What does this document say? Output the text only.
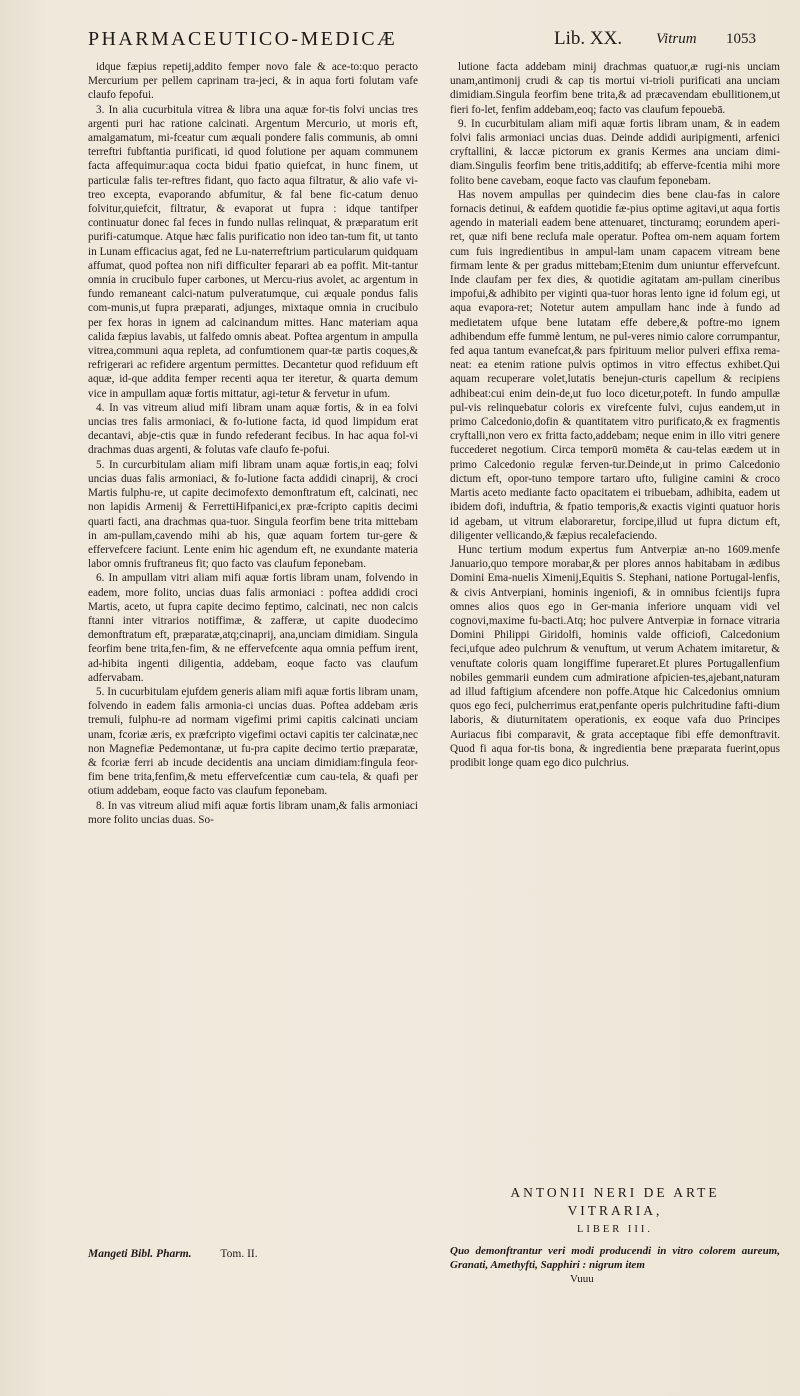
PHARMACEUTICO-MEDICÆ	Lib. XX. Vitrum 1053

idque fæpius repetij,addito femper novo fale & ace-to:quo peracto Mercurium per pellem caprinam tra-jeci, & in aqua forti folutam vafe claufo fepofui.

3. In alia cucurbitula vitrea & libra una aquæ for-tis folvi uncias tres argenti puri hac ratione calcinati. Argentum Mercurio, ut moris eft, amalgamatum, mi-fceatur cum æquali pondere falis communis, ab omni terreftri fubftantia purificati, id quod folutione per aquam communem facta affequimur:aqua cocta bidui fpatio quiefcat, in hunc finem, ut particulæ falis ter-reftres fidant, quo facto aqua filtratur, & alio vafe vi-treo excepta, evaporando abfumitur, & fal bene fic-catum denuo folvitur,quiefcit, filtratur, & evaporat ut fupra : idque tantifper continuatur donec fal feces in fundo nullas relinquat, & præparatum erit purifi-catumque. Atque hæc falis purificatio non ideo tan-tum fit, ut tanto in Lunam efficacius agat, fed ne Lu-naterreftrium particularum quidquam affumat, quod poftea non nifi difficulter feparari ab ea poffit. Mit-tantur omnia in crucibulo fuper carbones, ut Mercu-rius avolet, ac argentum in fundo remaneant calci-natum pulveratumque, cui æquale pondus falis com-munis,ut fupra præparati, adjunges, mixtaque omnia in crucibulo per fex horas in ignem ad calcinandum mittes. Hanc materiam aqua calida fæpius lavabis, ut falfedo omnis abeat. Poftea argentum in ampulla vitrea,communi aqua repleta, ad confumtionem quar-tæ partis coques,& refrigerari ac refidere argentum permittes. Decantetur quod refiduum eft aquæ, id-que addita femper recenti aqua ter iteretur, & quarta demum vice in ampullam aquæ fortis mittatur, agi-tetur & fervetur in ufum.

4. In vas vitreum aliud mifi libram unam aquæ fortis, & in ea folvi uncias tres falis armoniaci, & fo-lutione facta, id quod limpidum erat decantavi, abje-ctis quæ in fundo refederant fecibus. In hac aqua fol-vi drachmas duas argenti, & folutas vafe claufo fe-pofui.

5. In curcurbitulam aliam mifi libram unam aquæ fortis,in eaq; folvi uncias duas falis armoniaci, & fo-lutione facta addidi cinaprij, & croci Martis fulphu-re, ut capite decimofexto demonftratum eft, calcinati, nec non lapidis Armenij & FerrettiHifpanici,ex præ-fcripto capitis decimi quarti facti, ana drachmas qua-tuor. Singula feorfim bene trita mittebam in am-pullam,cavendo mihi ab his, quæ aquam fortem tur-gere & effervefcere faciunt. Lente enim hic agendum eft, ne exundante materia labor omnis fruftraneus fit; quo facto vas claufum feponebam.

6. In ampullam vitri aliam mifi aquæ fortis libram unam, folvendo in eadem, more folito, uncias duas falis armoniaci : poftea addidi croci Martis, aceto, ut fupra capite decimo feptimo, calcinati, nec non calcis ftanni inter vitrarios notiffimæ, & zafferæ, ut capite duodecimo demonftratum eft, præparatæ,atq;cinaprij, ana,unciam dimidiam. Singula feorfim bene trita,fen-fim, & ne effervefcente aqua omnia peffum irent, ad-hibita ingenti diligentia, addebam, eoque facto vas claufum adfervabam.

5. In cucurbitulam ejufdem generis aliam mifi aquæ fortis libram unam, folvendo in eadem falis armonia-ci uncias duas. Poftea addebam æris tremuli, fulphu-re ad normam vigefimi primi capitis calcinati unciam unam, fcoriæ æris, ex præfcripto vigefimi octavi capitis ter calcinatæ,nec non Magnefiæ Pedemontanæ, ut fu-pra capite decimo tertio præparatæ, & fcoriæ ferri ab incude decidentis ana unciam dimidiam:fingula feor-fim bene trita,fenfim,& metu effervefcentiæ cum cau-tela, & quafi per otium addebam, eoque facto vas claufum feponebam.

8. In vas vitreum aliud mifi aquæ fortis libram unam,& falis armoniaci more folito uncias duas. So-

Mangeti Bibl. Pharm.	Tom. II.

lutione facta addebam minij drachmas quatuor,æ rugi-nis unciam unam,antimonij crudi & cap tis mortui vi-trioli purificati ana unciam dimidiam.Singula feorfim bene trita,& ad præcavendam ebullitionem,ut fieri fo-let, fenfim addebam,eoq; facto vas claufum fepouebā.

9. In cucurbitulam aliam mifi aquæ fortis libram unam, & in eadem folvi falis armoniaci uncias duas. Deinde addidi auripigmenti, arfenici cryftallini, & laccæ pictorum ex granis Kermes ana unciam dimi-diam.Singulis feorfim bene tritis,additifq; ab efferve-fcentia mihi more folito bene cavebam, eoque facto vas claufum feponebam.

Has novem ampullas per quindecim dies bene clau-fas in calore fornacis detinui, & eafdem quotidie fæ-pius optime agitavi,ut aqua fortis agendo in materiali eadem bene attenuaret, tincturamq; eorundem aperi-ret, quæ nifi bene reclufa male operatur. Poftea om-nem aquam fortem cum fuis ingredientibus in ampul-lam unam capacem vitream bene firmam lente & per gradus mittebam;Etenim dum uniuntur effervefcunt. Inde claufam per fex dies, & quotidie agitatam am-pullam cineribus impofui,& adhibito per viginti qua-tuor horas lento igne id folum egi, ut aqua evapora-ret; Notetur autem ampullam hanc inde à fundo ad medietatem ufque bene lutatam effe debere,& poftre-mo ignem adhibendum effe fummè lentum, ne pul-veres nimio calore corrumpantur, fed aqua tantum evanefcat,& pars fpirituum melior pulveri effixa rema-neat: ea etenim ratione pulvis optimos in vitro effectus exhibet.Qui aquam recuperare volet,lutatis benejun-cturis capellum & recipiens adhibeat:cui enim dein-de,ut fuo loco dicetur,poteft. In fundo ampullæ pul-vis relinquebatur coloris ex virefcente fulvi, cujus eandem,ut in primo Calcedonio,dofin & quantitatem vitro purificato,& ex fragmentis cryftalli,non vero ex fritta facto,addebam; neque enim in illo vitri genere fuccederet negotium. Circa temporū momēta & cau-telas eædem ut in primo Calcedonio regulæ ferven-tur.Deinde,ut in primo Calcedonio dictum eft, opor-tuno tempore tartaro ufto, fuligine camini & croco Martis aceto mediante facto opacitatem ei tribuebam, adhibita, eadem ut ibidem dofi, induftria, & fpatio temporis,& exactis viginti quatuor horis id agebam, ut vitrum elaboraretur, forcipe,illud ut fupra dictum eft, diligenter vellicando,& fæpius recalefaciendo.

Hunc tertium modum expertus fum Antverpiæ an-no 1609.menfe Januario,quo tempore morabar,& per plores annos habitabam in ædibus Domini Ema-nuelis Ximenij,Equitis S. Stephani, natione Portugal-lenfis, & civis Antverpiani, hominis ingeniofi, & in omnibus fcientijs fupra omnes alios quos ego in Ger-mania inferiore unquam vidi vel cognovi,maxime fu-bacti.Atq; hoc pulvere Antverpiæ in fornace vitraria Domini Philippi Giridolfi, hominis valde officiofi, Calcedonium feci,ufque adeo pulchrum & venuftum, ut verum Achatem imitaretur, & venuftate coloris quam longiffime fuperaret.Et plures Portugallenfium nobiles gemmarii eundem cum admiratione afpicien-tes,ajebant,naturam ad illud faftigium afcendere non poffe.Atque hic Calcedonius omnium quos ego feci, pulcherrimus erat,penfante operis pulchritudine fafti-dium laboris, & diuturnitatem operationis, ex eoque vafa duo Principes Auriacus fibi comparavit, & grata acceptaque fibi effe demonftravit. Quod fi aqua for-tis bona, & ingredientia bene præparata fuerint,opus prodibit longe quam ego dico pulchrius.

ANTONII NERI DE ARTE
VITRARIA,
LIBER III.
Quo demonftrantur veri modi producendi in vitro colorem aureum, Granati, Amethyfti, Sapphiri : nigrum item
Vuuu
